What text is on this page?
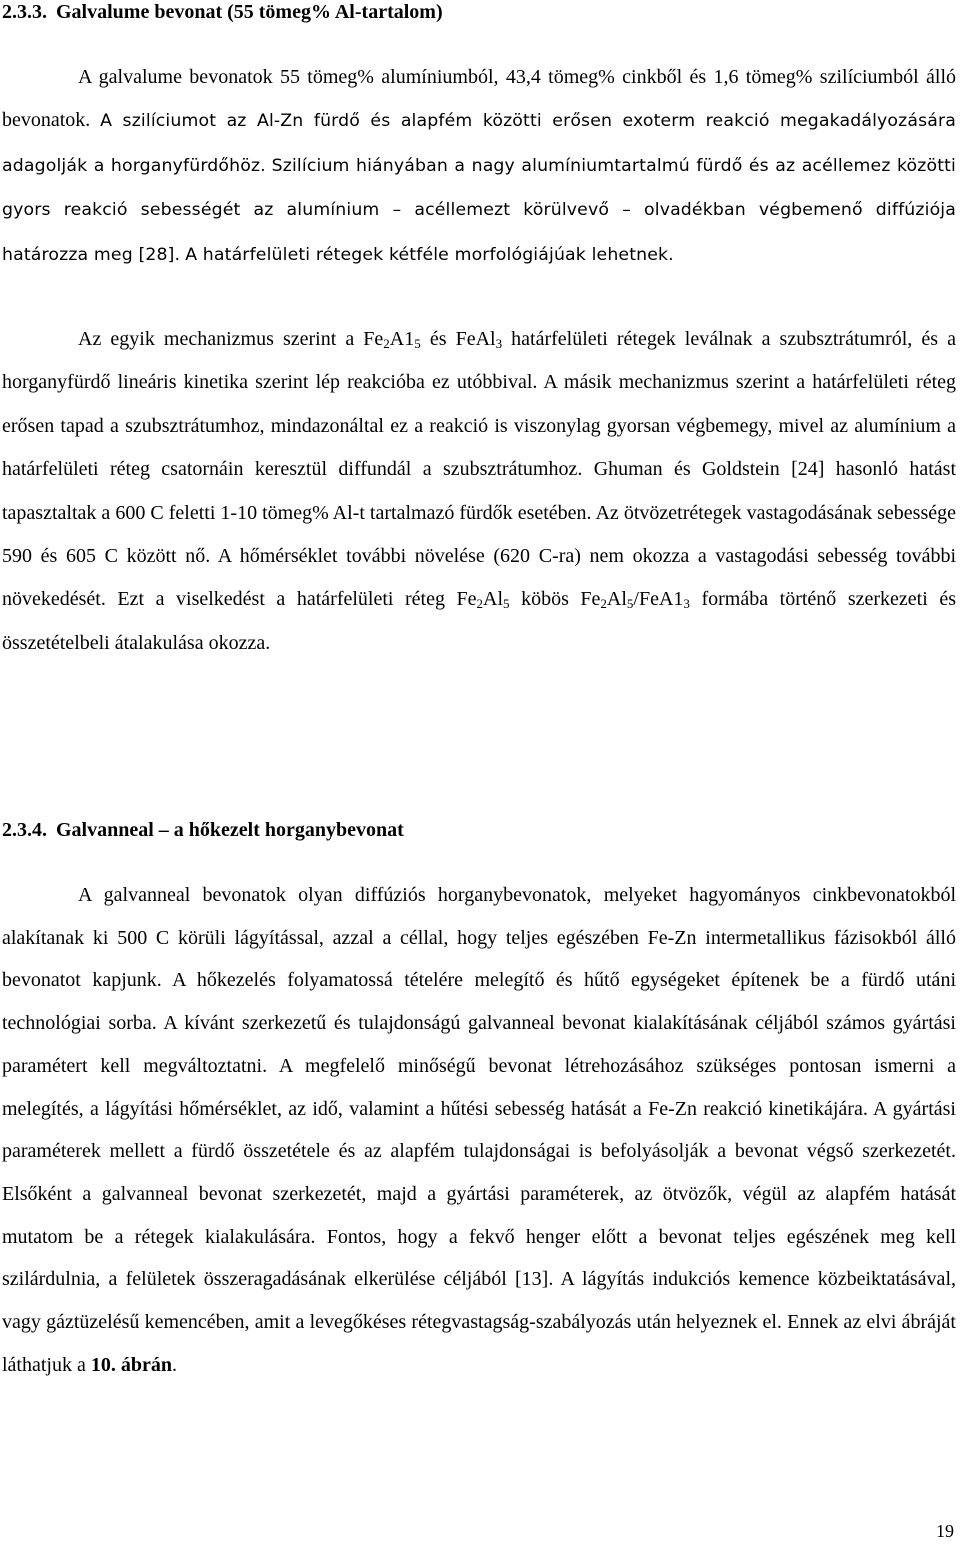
2.3.3. Galvalume bevonat (55 tömeg% Al-tartalom)

A galvalume bevonatok 55 tömeg% alumíniumból, 43,4 tömeg% cinkből és 1,6 tömeg% szilíciumból álló bevonatok. A szilíciumot az Al-Zn fürdő és alapfém közötti erősen exoterm reakció megakadályozására adagolják a horganyfürdőhöz. Szilícium hiányában a nagy alumíniumtartalmú fürdő és az acéllemez közötti gyors reakció sebességét az alumínium – acéllemezt körülvevő – olvadékban végbemenő diffúziója határozza meg [28]. A határfelületi rétegek kétféle morfológiájúak lehetnek.

Az egyik mechanizmus szerint a $Fe_2A1_5$ és FeAl$_3$ határfelületi rétegek leválnak a szubsztrátumról, és a horganyfürdő lineáris kinetika szerint lép reakcióba ez utóbbival. A másik mechanizmus szerint a határfelületi réteg erősen tapad a szubsztrátumhoz, mindazonáltal ez a reakció is viszonylag gyorsan végbemegy, mivel az alumínium a határfelületi réteg csatornáin keresztül diffundál a szubsztrátumhoz. Ghuman és Goldstein [24] hasonló hatást tapasztaltak a 600 C feletti 1-10 tömeg% Al-t tartalmazó fürdők esetében. Az ötvözetrétegek vastagodásának sebessége 590 és 605 C között nő. A hőmérséklet további növelése (620 C-ra) nem okozza a vastagodási sebesség további növekedését. Ezt a viselkedést a határfelületi réteg $Fe_2Al_5$ köbös $Fe_2Al_5/FeA1_3$ formába történő szerkezeti és összetételbeli átalakulása okozza.

2.3.4. Galvanneal – a hőkezelt horganybevonat

A galvanneal bevonatok olyan diffúziós horganybevonatok, melyeket hagyományos cinkbevonatokból alakítanak ki 500 C körüli lágyítással, azzal a céllal, hogy teljes egészében Fe-Zn intermetallikus fázisokból álló bevonatot kapjunk. A hőkezelés folyamatossá tételére melegítő és hűtő egységeket építenek be a fürdő utáni technológiai sorba. A kívánt szerkezetű és tulajdonságú galvanneal bevonat kialakításának céljából számos gyártási paramétert kell megváltoztatni. A megfelelő minőségű bevonat létrehozásához szükséges pontosan ismerni a melegítés, a lágyítási hőmérséklet, az idő, valamint a hűtési sebesség hatását a Fe-Zn reakció kinetikájára. A gyártási paraméterek mellett a fürdő összetétele és az alapfém tulajdonságai is befolyásolják a bevonat végső szerkezetét. Elsőként a galvanneal bevonat szerkezetét, majd a gyártási paraméterek, az ötvözők, végül az alapfém hatását mutatom be a rétegek kialakulására. Fontos, hogy a fekvő henger előtt a bevonat teljes egészének meg kell szilárdulnia, a felületek összeragadásának elkerülése céljából [13]. A lágyítás indukciós kemence közbeiktatásával, vagy gáztüzelésű kemencében, amit a levegőkéses rétegvastagság-szabályozás után helyeznek el. Ennek az elvi ábráját láthatjuk a 10. ábrán.

19
